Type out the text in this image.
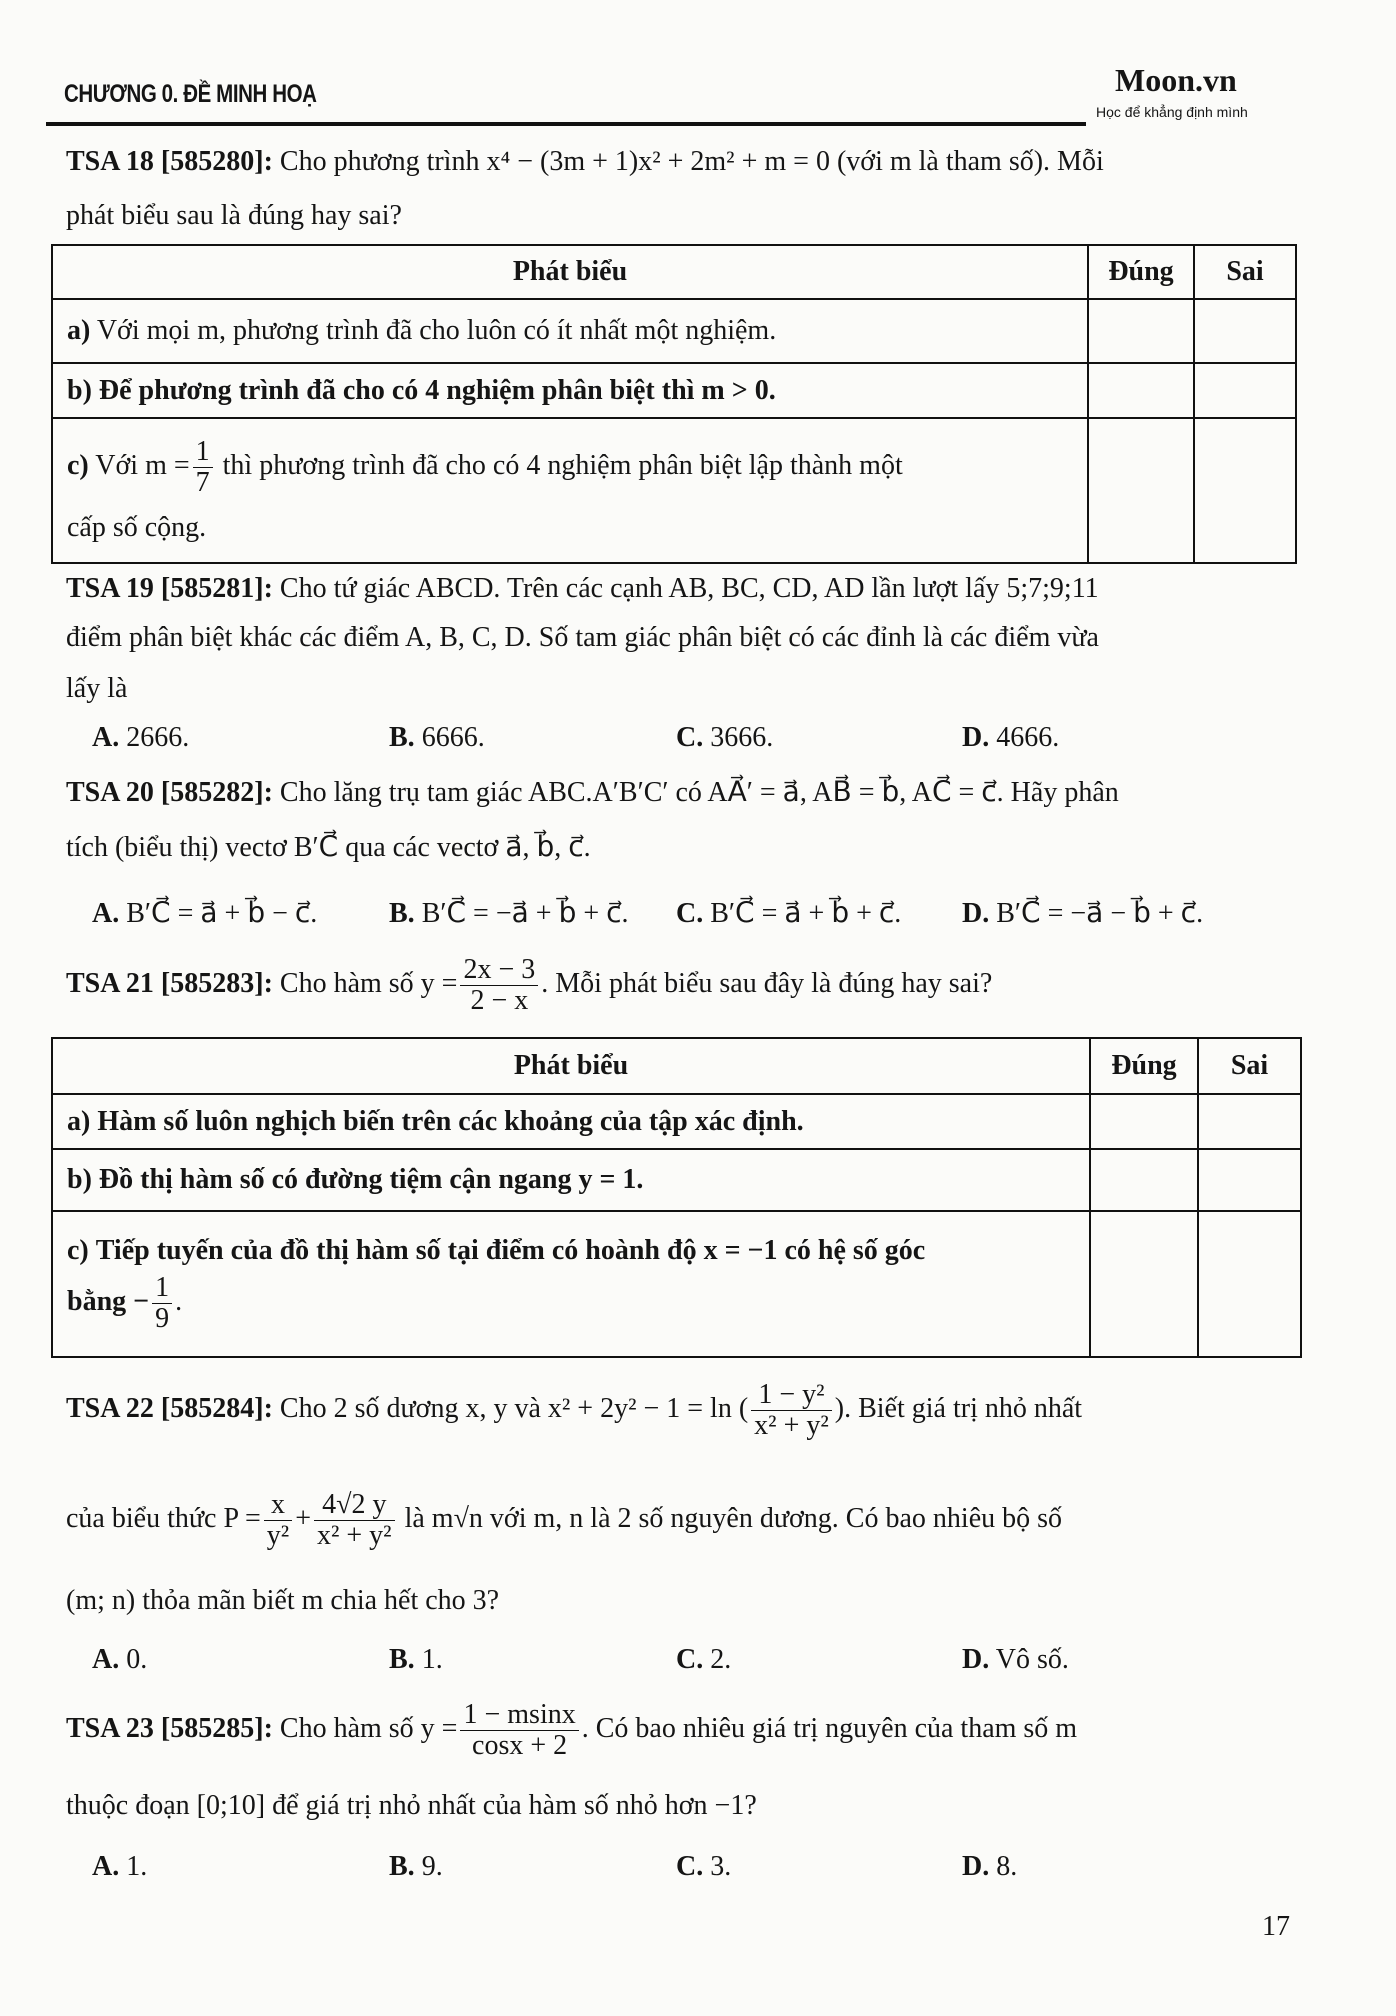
CHƯƠNG 0. ĐỀ MINH HOẠ	Moon.vn
Học để khẳng định mình
TSA 18 [585280]: Cho phương trình x⁴ − (3m + 1)x² + 2m² + m = 0 (với m là tham số). Mỗi
phát biểu sau là đúng hay sai?
Phát biểu	Đúng	Sai
a) Với mọi m, phương trình đã cho luôn có ít nhất một nghiệm.		
b) Để phương trình đã cho có 4 nghiệm phân biệt thì m > 0.		

c) Với $m = \frac{1}{7}$ thì phương trình đã cho có 4 nghiệm phân biệt lập thành một
cấp số cộng.		

TSA 19 [585281]: Cho tứ giác ABCD. Trên các cạnh AB, BC, CD, AD lần lượt lấy 5;7;9;11
điểm phân biệt khác các điểm A, B, C, D. Số tam giác phân biệt có các đỉnh là các điểm vừa
lấy là
A. 2666.	B. 6666.	C. 3666.	D. 4666.
TSA 20 [585282]: Cho lăng trụ tam giác ABC.A′B′C′ có AA⃗′ = a⃗, AB⃗ = b⃗, AC⃗ = c⃗. Hãy phân
tích (biểu thị) vectơ B′C⃗ qua các vectơ a⃗, b⃗, c⃗.
A. B′C⃗ = a⃗ + b⃗ − c⃗.	B. B′C⃗ = −a⃗ + b⃗ + c⃗. C. B′C⃗ = a⃗ + b⃗ + c⃗. D. B′C⃗ = −a⃗ − b⃗ + c⃗.
TSA 21 [585283]: Cho hàm số $y = \frac{2x - 3}{2 - x}$ . Mỗi phát biểu sau đây là đúng hay sai?
Phát biểu	Đúng	Sai
a) Hàm số luôn nghịch biến trên các khoảng của tập xác định.		
b) Đồ thị hàm số có đường tiệm cận ngang y = 1.		

c) Tiếp tuyến của đồ thị hàm số tại điểm có hoành độ x = −1 có hệ số góc
bằng − $\frac{1}{9}$ .		

TSA 22 [585284]: Cho 2 số dương x, y và x² + 2y² − 1 = ln ( $\frac{\text{1 − y²}}{\text{x² + y²}}$ ). Biết giá trị nhỏ nhất
của biểu thức $P = \frac{x}{\text{y²}} + \frac{4√2 y}{\text{x² + y²}}$ là m√n với m, n là 2 số nguyên dương. Có bao nhiêu bộ số
(m; n) thỏa mãn biết m chia hết cho 3?
A. 0.	B. 1.	C. 2.	D. Vô số.
TSA 23 [585285]: Cho hàm số $y = \frac{1 - msinx}{\cos x + 2}$ . Có bao nhiêu giá trị nguyên của tham số m
thuộc đoạn [0;10] để giá trị nhỏ nhất của hàm số nhỏ hơn −1?
A. 1.	B. 9.	C. 3.	D. 8.
17
